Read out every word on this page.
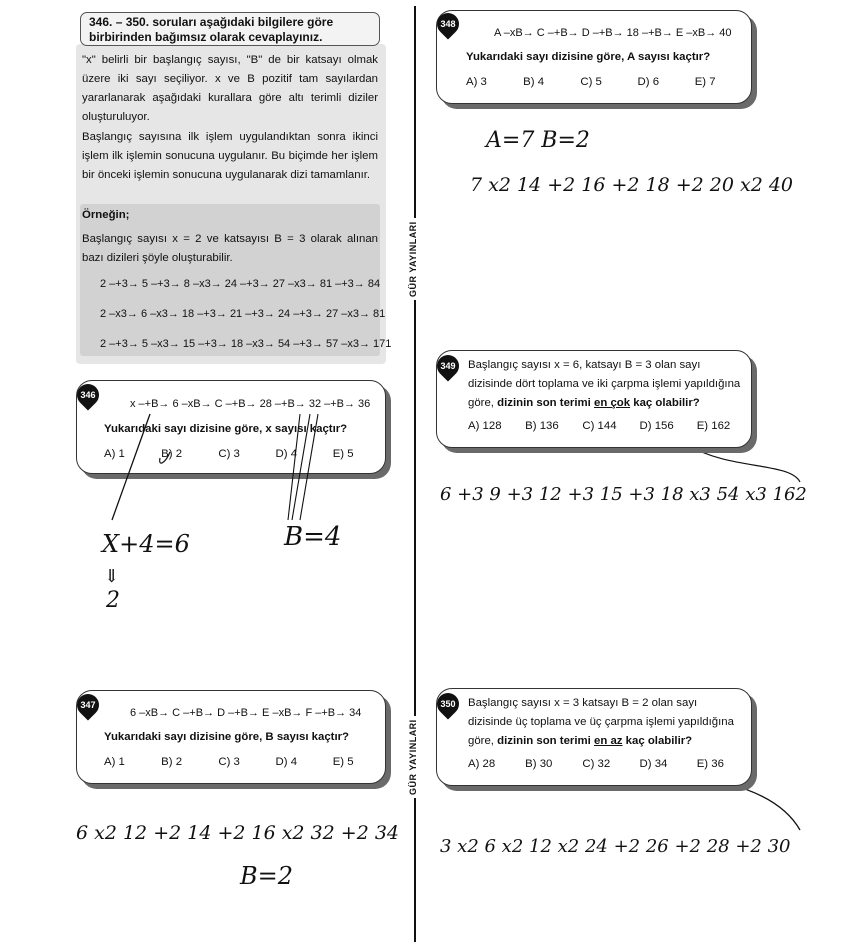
GÜR YAYINLARI
GÜR YAYINLARI
346. – 350. soruları aşağıdaki bilgilere göre birbirinden bağımsız olarak cevaplayınız.
"x" belirli bir başlangıç sayısı, "B" de bir katsayı olmak üzere iki sayı seçiliyor. x ve B pozitif tam sayılardan yararlanarak aşağıdaki kurallara göre altı terimli diziler oluşturuluyor.
Başlangıç sayısına ilk işlem uygulandıktan sonra ikinci işlem ilk işlemin sonucuna uygulanır. Bu biçimde her işlem bir önceki işlemin sonucuna uygulanarak dizi tamamlanır.
Örneğin;
Başlangıç sayısı x = 2 ve katsayısı B = 3 olarak alınan bazı dizileri şöyle oluşturabilir.
2 –+3→ 5 –+3→ 8 –x3→ 24 –+3→ 27 –x3→ 81 –+3→ 84
2 –x3→ 6 –x3→ 18 –+3→ 21 –+3→ 24 –+3→ 27 –x3→ 81
2 –+3→ 5 –x3→ 15 –+3→ 18 –x3→ 54 –+3→ 57 –x3→ 171
346
x –+B→ 6 –xB→ C –+B→ 28 –+B→ 32 –+B→ 36
Yukarıdaki sayı dizisine göre, x sayısı kaçtır?
A) 1	B) 2	C) 3	D) 4	E) 5
X+4=6
⇓
2
B=4
347
6 –xB→ C –+B→ D –+B→ E –xB→ F –+B→ 34
Yukarıdaki sayı dizisine göre, B sayısı kaçtır?
A) 1	B) 2	C) 3	D) 4	E) 5
6 x2 12 +2 14 +2 16 x2 32 +2 34
B=2
348
A –xB→ C –+B→ D –+B→ 18 –+B→ E –xB→ 40
Yukarıdaki sayı dizisine göre, A sayısı kaçtır?
A) 3	B) 4	C) 5	D) 6	E) 7
A=7 B=2
7 x2 14 +2 16 +2 18 +2 20 x2 40
349	Başlangıç sayısı x = 6, katsayı B = 3 olan sayı dizisinde dört toplama ve iki çarpma işlemi yapıldığına göre, dizinin son terimi en çok kaç olabilir?
A) 128 B) 136 C) 144 D) 156 E) 162
6 +3 9 +3 12 +3 15 +3 18 x3 54 x3 162
350	Başlangıç sayısı x = 3 katsayı B = 2 olan sayı dizisinde üç toplama ve üç çarpma işlemi yapıldığına göre, dizinin son terimi en az kaç olabilir?
A) 28	B) 30	C) 32	D) 34	E) 36
3 x2 6 x2 12 x2 24 +2 26 +2 28 +2 30
